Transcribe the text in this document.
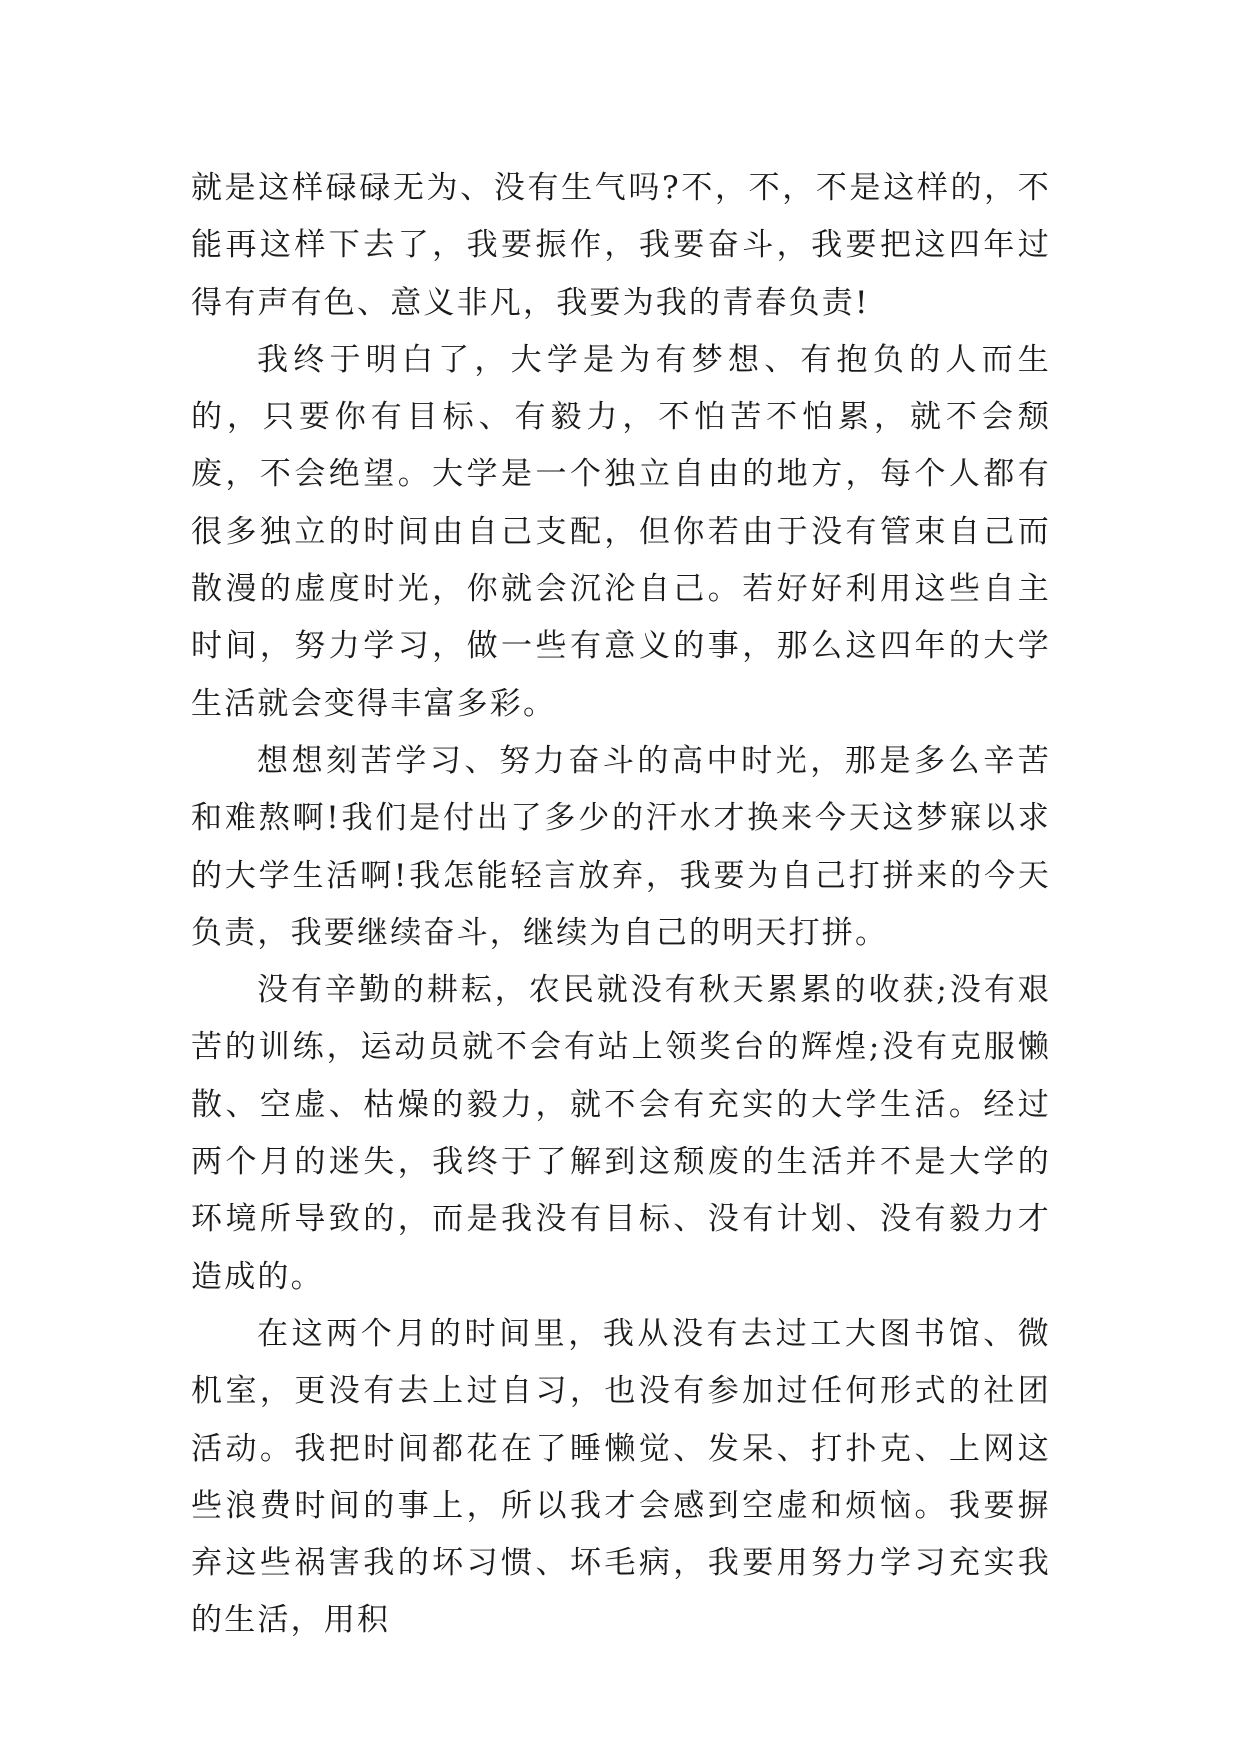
就是这样碌碌无为、没有生气吗?不，不，不是这样的，不能再这样下去了，我要振作，我要奋斗，我要把这四年过得有声有色、意义非凡，我要为我的青春负责!

我终于明白了，大学是为有梦想、有抱负的人而生的，只要你有目标、有毅力，不怕苦不怕累，就不会颓废，不会绝望。大学是一个独立自由的地方，每个人都有很多独立的时间由自己支配，但你若由于没有管束自己而散漫的虚度时光，你就会沉沦自己。若好好利用这些自主时间，努力学习，做一些有意义的事，那么这四年的大学生活就会变得丰富多彩。

想想刻苦学习、努力奋斗的高中时光，那是多么辛苦和难熬啊!我们是付出了多少的汗水才换来今天这梦寐以求的大学生活啊!我怎能轻言放弃，我要为自己打拼来的今天负责，我要继续奋斗，继续为自己的明天打拼。

没有辛勤的耕耘，农民就没有秋天累累的收获;没有艰苦的训练，运动员就不会有站上领奖台的辉煌;没有克服懒散、空虚、枯燥的毅力，就不会有充实的大学生活。经过两个月的迷失，我终于了解到这颓废的生活并不是大学的环境所导致的，而是我没有目标、没有计划、没有毅力才造成的。

在这两个月的时间里，我从没有去过工大图书馆、微机室，更没有去上过自习，也没有参加过任何形式的社团活动。我把时间都花在了睡懒觉、发呆、打扑克、上网这些浪费时间的事上，所以我才会感到空虚和烦恼。我要摒弃这些祸害我的坏习惯、坏毛病，我要用努力学习充实我的生活，用积
